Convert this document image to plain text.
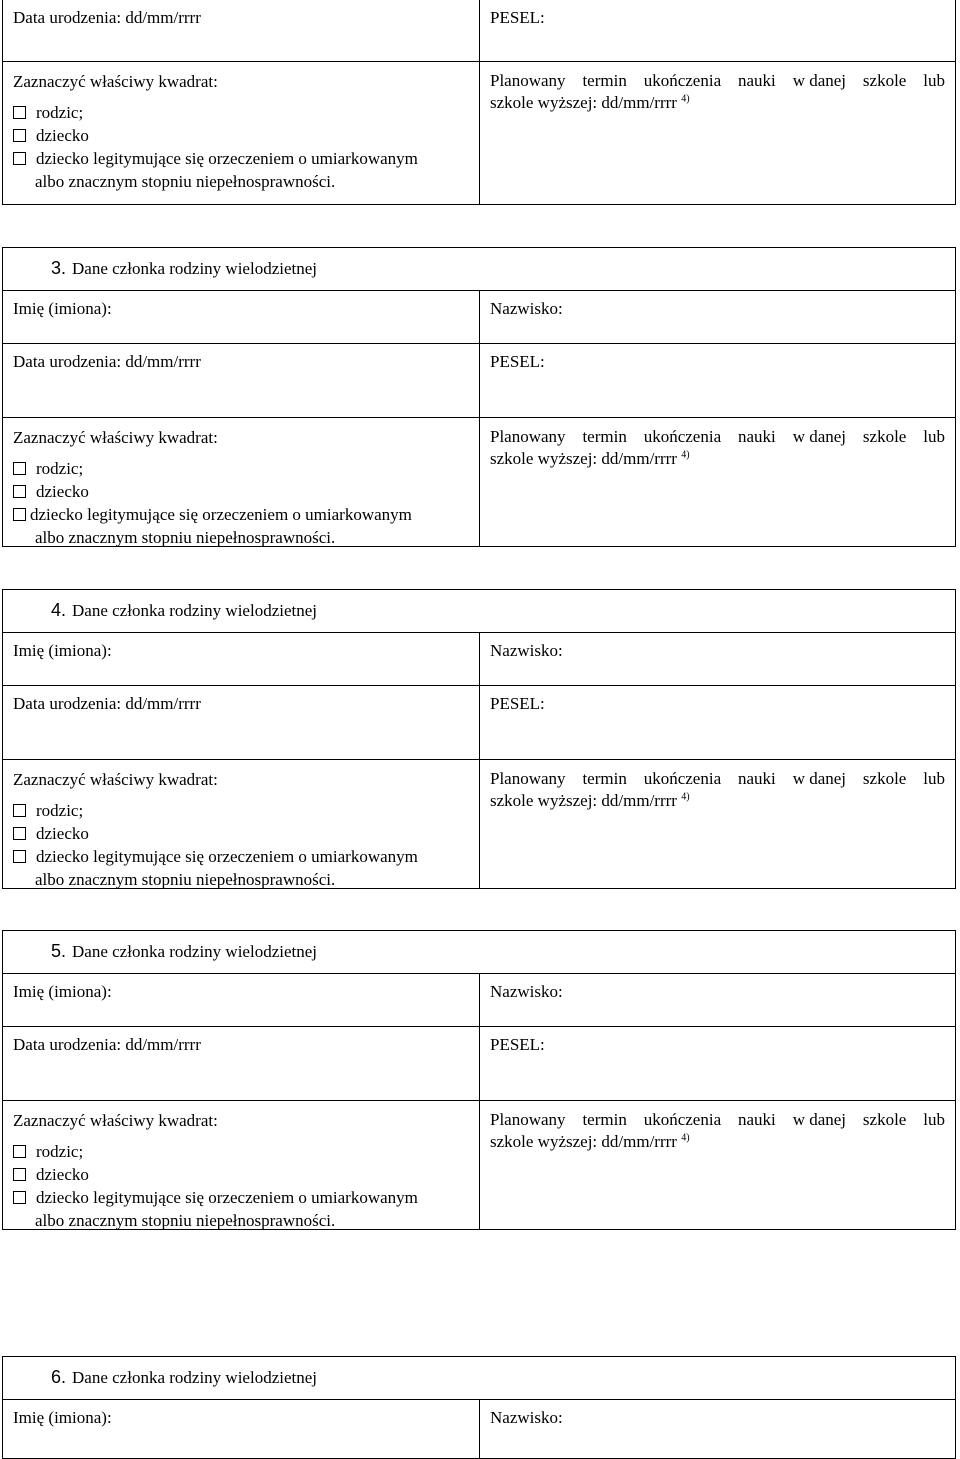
Data urodzenia: dd/mm/rrrr	PESEL:
Zaznaczyć właściwy kwadrat:
rodzic;
dziecko
dziecko legitymujące się orzeczeniem o umiarkowanym
albo znacznym stopniu niepełnosprawności.
Planowany termin ukończenia nauki w danej szkole lub
szkole wyższej: dd/mm/rrrr $^{4)}$
3. Dane członka rodziny wielodzietnej
Imię (imiona):	Nazwisko:
Data urodzenia: dd/mm/rrrr	PESEL:
Zaznaczyć właściwy kwadrat:
rodzic;
dziecko
dziecko legitymujące się orzeczeniem o umiarkowanym
albo znacznym stopniu niepełnosprawności.
Planowany termin ukończenia nauki w danej szkole lub
szkole wyższej: dd/mm/rrrr $^{4)}$
4. Dane członka rodziny wielodzietnej
Imię (imiona):	Nazwisko:
Data urodzenia: dd/mm/rrrr	PESEL:
Zaznaczyć właściwy kwadrat:
rodzic;
dziecko
dziecko legitymujące się orzeczeniem o umiarkowanym
albo znacznym stopniu niepełnosprawności.
Planowany termin ukończenia nauki w danej szkole lub
szkole wyższej: dd/mm/rrrr $^{4)}$
5. Dane członka rodziny wielodzietnej
Imię (imiona):	Nazwisko:
Data urodzenia: dd/mm/rrrr	PESEL:
Zaznaczyć właściwy kwadrat:
rodzic;
dziecko
dziecko legitymujące się orzeczeniem o umiarkowanym
albo znacznym stopniu niepełnosprawności.
Planowany termin ukończenia nauki w danej szkole lub
szkole wyższej: dd/mm/rrrr $^{4)}$
6. Dane członka rodziny wielodzietnej
Imię (imiona):	Nazwisko:
